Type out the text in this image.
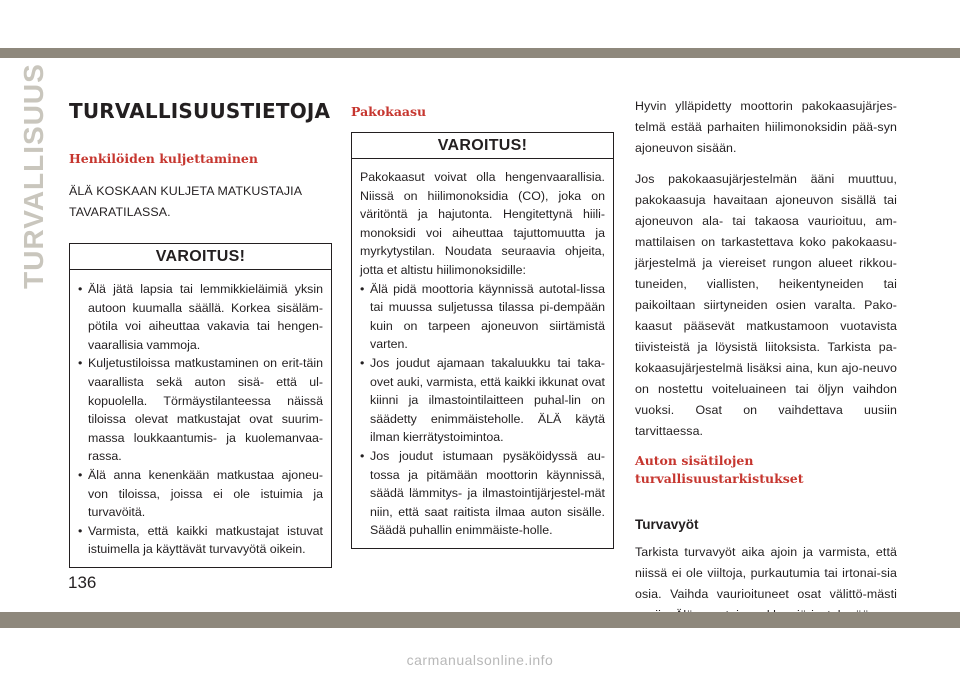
TURVALLISUUS TURVALLISUUSTIETOJA
Henkilöiden kuljettaminen

ÄLÄ KOSKAAN KULJETA MATKUSTAJIA TAVARATILASSA.

VAROITUS!
• Älä jätä lapsia tai lemmikkieläimiä yksin autoon kuumalla säällä. Korkea sisäläm-pötila voi aiheuttaa vakavia tai hengen-vaarallisia vammoja.
• Kuljetustiloissa matkustaminen on erit-täin vaarallista sekä auton sisä- että ul-kopuolella. Törmäystilanteessa näissä tiloissa olevat matkustajat ovat suurim-massa loukkaantumis- ja kuolemanvaa-rassa.
• Älä anna kenenkään matkustaa ajoneu-von tiloissa, joissa ei ole istuimia ja turvavöitä.
• Varmista, että kaikki matkustajat istuvat istuimella ja käyttävät turvavyötä oikein.
Pakokaasu
VAROITUS!

Pakokaasut voivat olla hengenvaarallisia. Niissä on hiilimonoksidia (CO), joka on väritöntä ja hajutonta. Hengitettynä hiili-monoksidi voi aiheuttaa tajuttomuutta ja myrkytystilan. Noudata seuraavia ohjeita, jotta et altistu hiilimonoksidille:

• Älä pidä moottoria käynnissä autotal-lissa tai muussa suljetussa tilassa pi-dempään kuin on tarpeen ajoneuvon siirtämistä varten.
• Jos joudut ajamaan takaluukku tai taka-ovet auki, varmista, että kaikki ikkunat ovat kiinni ja ilmastointilaitteen puhal-lin on säädetty enimmäisteholle. ÄLÄ käytä ilman kierrätystoimintoa.
• Jos joudut istumaan pysäköidyssä au-tossa ja pitämään moottorin käynnissä, säädä lämmitys- ja ilmastointijärjestel-mät niin, että saat raitista ilmaa auton sisälle. Säädä puhallin enimmäiste-holle.

Hyvin ylläpidetty moottorin pakokaasujärjes-telmä estää parhaiten hiilimonoksidin pää-syn ajoneuvon sisään.

Jos pakokaasujärjestelmän ääni muuttuu, pakokaasuja havaitaan ajoneuvon sisällä tai ajoneuvon ala- tai takaosa vaurioituu, am-mattilaisen on tarkastettava koko pakokaasu-järjestelmä ja viereiset rungon alueet rikkou-tuneiden, viallisten, heikentyneiden tai paikoiltaan siirtyneiden osien varalta. Pako-kaasut pääsevät matkustamoon vuotavista tiivisteistä ja löysistä liitoksista. Tarkista pa-kokaasujärjestelmä lisäksi aina, kun ajo-neuvo on nostettu voiteluaineen tai öljyn vaihdon vuoksi. Osat on vaihdettava uusiin tarvittaessa.

Auton sisätilojen turvallisuustarkistukset
Turvavyöt

Tarkista turvavyöt aika ajoin ja varmista, että niissä ei ole viiltoja, purkautumia tai irtonai-sia osia. Vaihda vaurioituneet osat välittö-mästi

136
carmanualsonline.info
